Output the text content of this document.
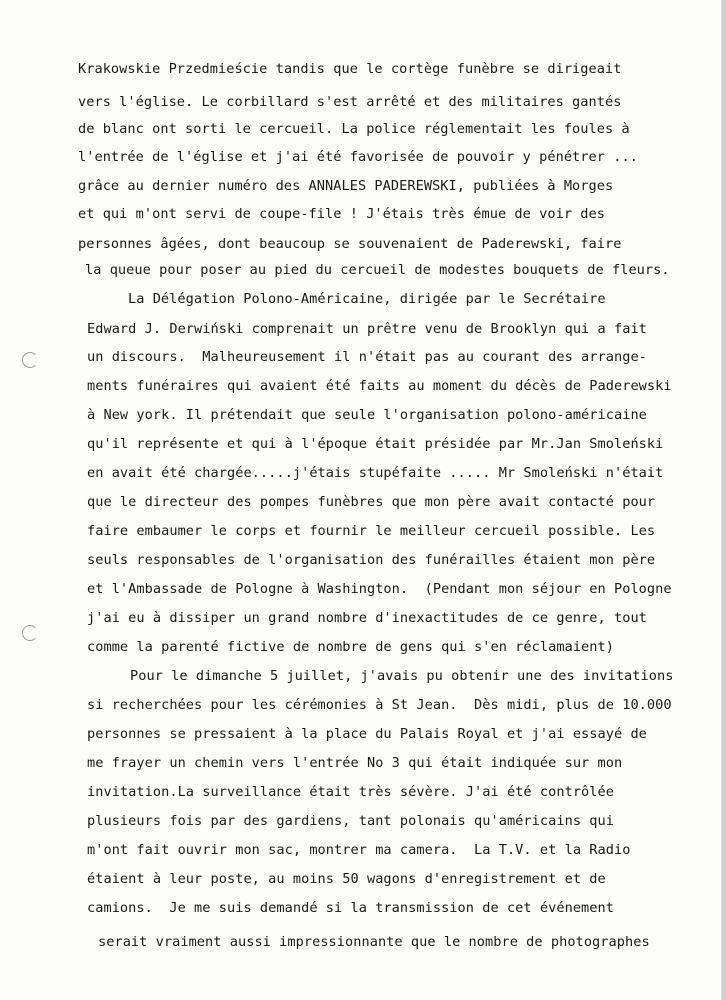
Krakowskie Przedmieście tandis que le cortège funèbre se dirigeait
vers l'église. Le corbillard s'est arrêté et des militaires gantés
de blanc ont sorti le cercueil. La police réglementait les foules à
l'entrée de l'église et j'ai été favorisée de pouvoir y pénétrer ...
grâce au dernier numéro des ANNALES PADEREWSKI, publiées à Morges
et qui m'ont servi de coupe-file ! J'étais très émue de voir des
personnes âgées, dont beaucoup se souvenaient de Paderewski, faire
la queue pour poser au pied du cercueil de modestes bouquets de fleurs.
La Délégation Polono-Américaine, dirigée par le Secrétaire
Edward J. Derwiński comprenait un prêtre venu de Brooklyn qui a fait
un discours.  Malheureusement il n'était pas au courant des arrange-
ments funéraires qui avaient été faits au moment du décès de Paderewski
à New york. Il prétendait que seule l'organisation polono-américaine
qu'il représente et qui à l'époque était présidée par Mr.Jan Smoleński
en avait été chargée.....j'étais stupéfaite ..... Mr Smoleński n'était
que le directeur des pompes funèbres que mon père avait contacté pour
faire embaumer le corps et fournir le meilleur cercueil possible. Les
seuls responsables de l'organisation des funérailles étaient mon père
et l'Ambassade de Pologne à Washington.  (Pendant mon séjour en Pologne
j'ai eu à dissiper un grand nombre d'inexactitudes de ce genre, tout
comme la parenté fictive de nombre de gens qui s'en réclamaient)
Pour le dimanche 5 juillet, j'avais pu obtenir une des invitations
si recherchées pour les cérémonies à St Jean.  Dès midi, plus de 10.000
personnes se pressaient à la place du Palais Royal et j'ai essayé de
me frayer un chemin vers l'entrée No 3 qui était indiquée sur mon
invitation.La surveillance était très sévère. J'ai été contrôlée
plusieurs fois par des gardiens, tant polonais qu'américains qui
m'ont fait ouvrir mon sac, montrer ma camera.  La T.V. et la Radio
étaient à leur poste, au moins 50 wagons d'enregistrement et de
camions.  Je me suis demandé si la transmission de cet événement
serait vraiment aussi impressionnante que le nombre de photographes
